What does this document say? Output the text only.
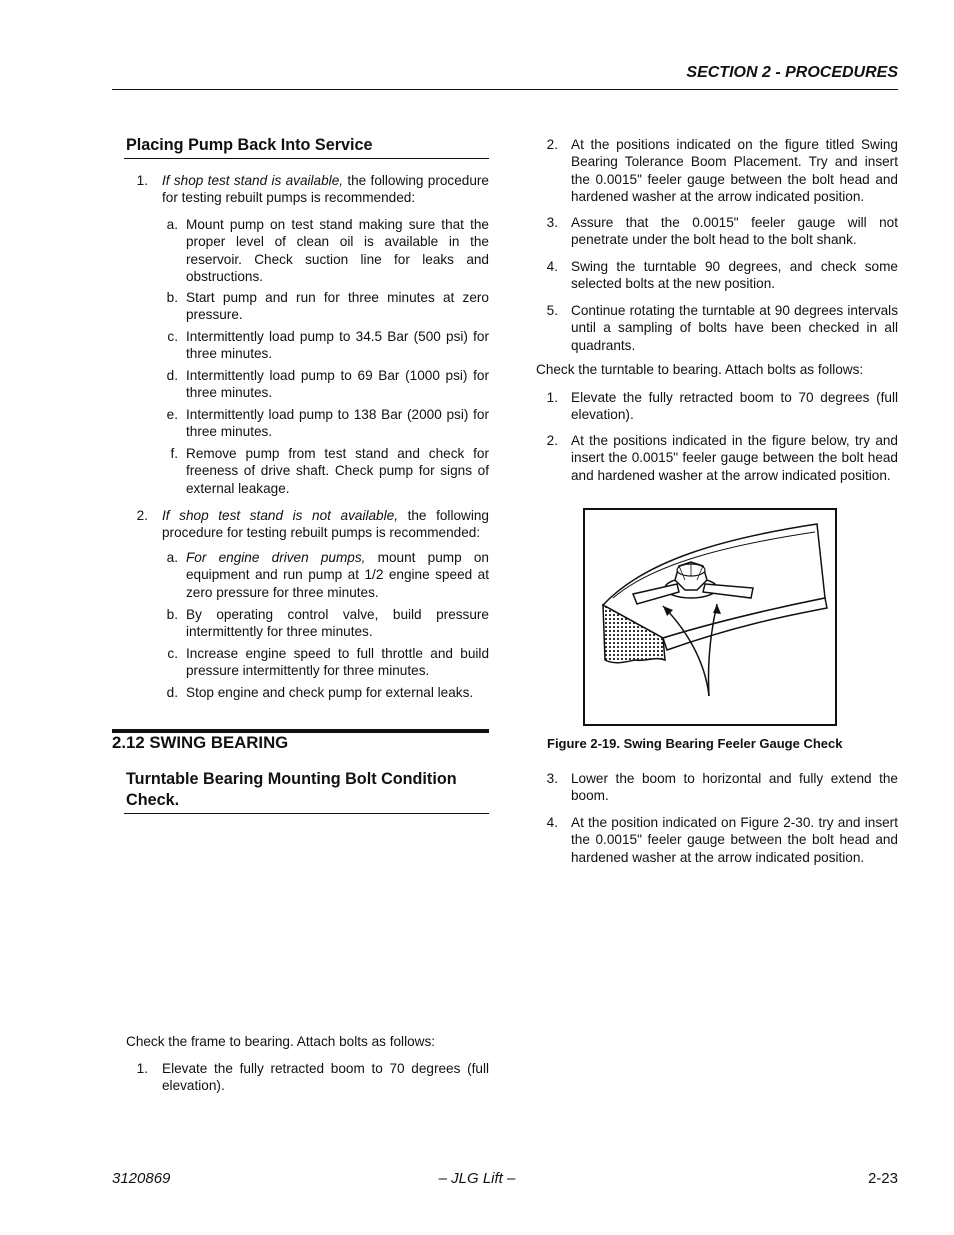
SECTION 2 - PROCEDURES
Placing Pump Back Into Service
1. If shop test stand is available, the following procedure for testing rebuilt pumps is recommended:
a. Mount pump on test stand making sure that the proper level of clean oil is available in the reservoir. Check suction line for leaks and obstructions.
b. Start pump and run for three minutes at zero pressure.
c. Intermittently load pump to 34.5 Bar (500 psi) for three minutes.
d. Intermittently load pump to 69 Bar (1000 psi) for three minutes.
e. Intermittently load pump to 138 Bar (2000 psi) for three minutes.
f. Remove pump from test stand and check for freeness of drive shaft. Check pump for signs of external leakage.
2. If shop test stand is not available, the following procedure for testing rebuilt pumps is recommended:
a. For engine driven pumps, mount pump on equipment and run pump at 1/2 engine speed at zero pressure for three minutes.
b. By operating control valve, build pressure intermittently for three minutes.
c. Increase engine speed to full throttle and build pressure intermittently for three minutes.
d. Stop engine and check pump for external leaks.
2.12 SWING BEARING
Turntable Bearing Mounting Bolt Condition Check.
Check the frame to bearing. Attach bolts as follows:
1. Elevate the fully retracted boom to 70 degrees (full elevation).
2. At the positions indicated on the figure titled Swing Bearing Tolerance Boom Placement. Try and insert the 0.0015" feeler gauge between the bolt head and hardened washer at the arrow indicated position.
3. Assure that the 0.0015" feeler gauge will not penetrate under the bolt head to the bolt shank.
4. Swing the turntable 90 degrees, and check some selected bolts at the new position.
5. Continue rotating the turntable at 90 degrees intervals until a sampling of bolts have been checked in all quadrants.
Check the turntable to bearing. Attach bolts as follows:
1. Elevate the fully retracted boom to 70 degrees (full elevation).
2. At the positions indicated in the figure below, try and insert the 0.0015" feeler gauge between the bolt head and hardened washer at the arrow indicated position.
Figure 2-19. Swing Bearing Feeler Gauge Check
3. Lower the boom to horizontal and fully extend the boom.
4. At the position indicated on Figure 2-30. try and insert the 0.0015" feeler gauge between the bolt head and hardened washer at the arrow indicated position.
3120869	– JLG Lift –	2-23
